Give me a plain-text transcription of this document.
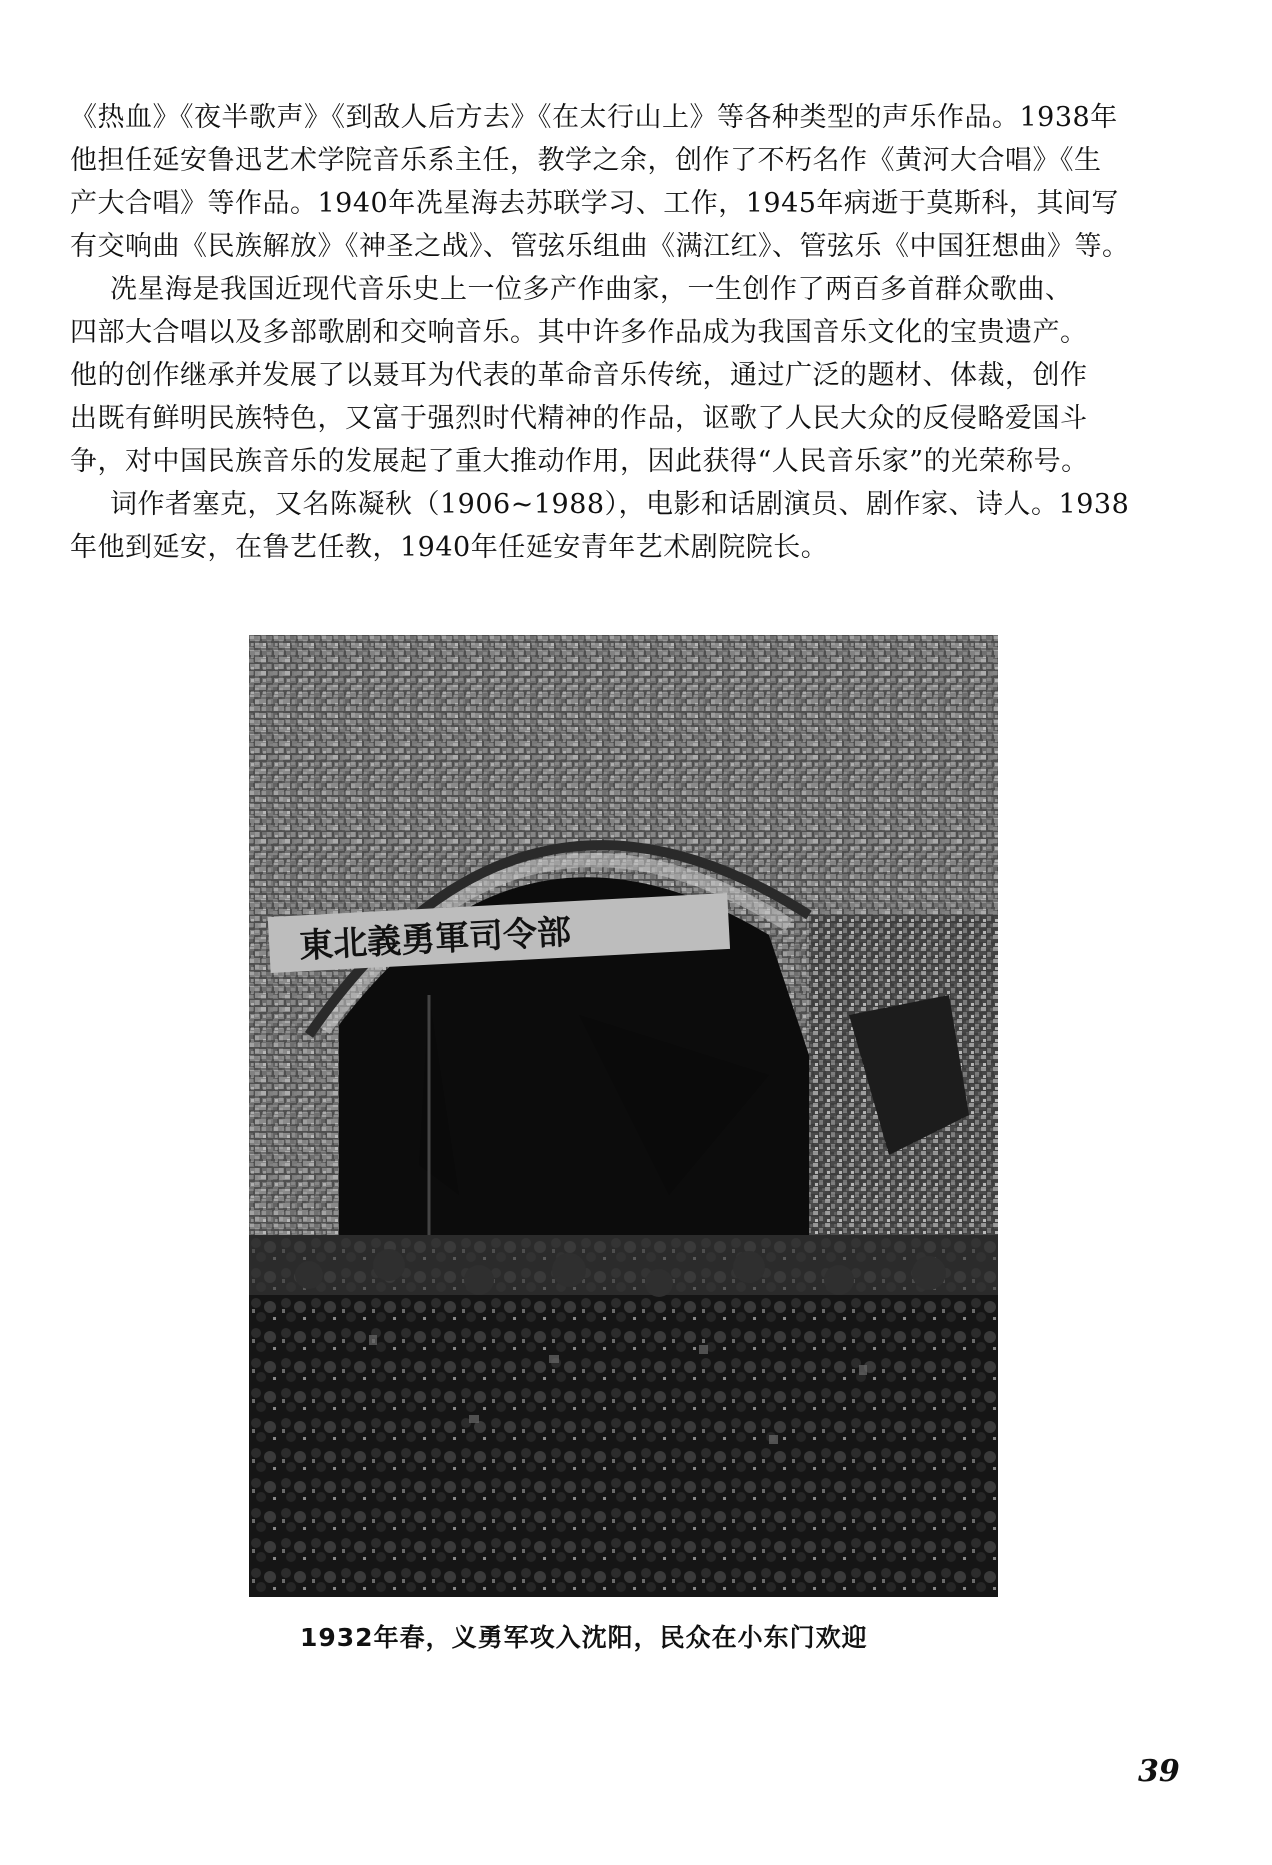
《热血》《夜半歌声》《到敌人后方去》《在太行山上》等各种类型的声乐作品。1938年
他担任延安鲁迅艺术学院音乐系主任，教学之余，创作了不朽名作《黄河大合唱》《生
产大合唱》等作品。1940年冼星海去苏联学习、工作，1945年病逝于莫斯科，其间写
有交响曲《民族解放》《神圣之战》、管弦乐组曲《满江红》、管弦乐《中国狂想曲》等。
冼星海是我国近现代音乐史上一位多产作曲家，一生创作了两百多首群众歌曲、
四部大合唱以及多部歌剧和交响音乐。其中许多作品成为我国音乐文化的宝贵遗产。
他的创作继承并发展了以聂耳为代表的革命音乐传统，通过广泛的题材、体裁，创作
出既有鲜明民族特色，又富于强烈时代精神的作品，讴歌了人民大众的反侵略爱国斗
争，对中国民族音乐的发展起了重大推动作用，因此获得“人民音乐家”的光荣称号。
词作者塞克，又名陈凝秋（1906~1988），电影和话剧演员、剧作家、诗人。1938
年他到延安，在鲁艺任教，1940年任延安青年艺术剧院院长。
東北義勇軍司令部
1932年春，义勇军攻入沈阳，民众在小东门欢迎
39
